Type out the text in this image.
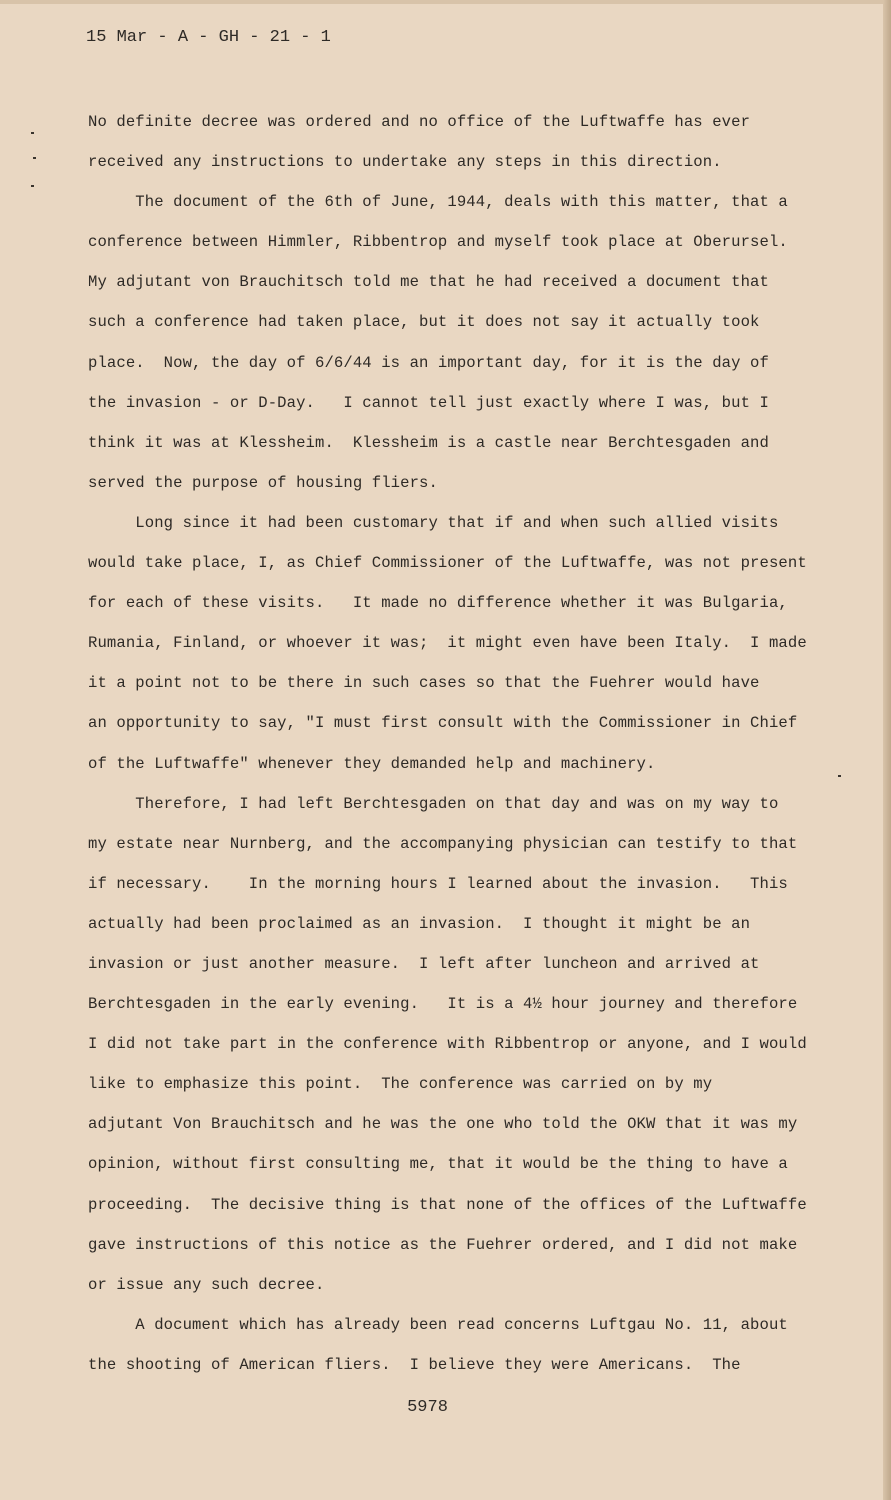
15 Mar - A - GH - 21 - 1
No definite decree was ordered and no office of the Luftwaffe has ever
received any instructions to undertake any steps in this direction.
The document of the 6th of June, 1944, deals with this matter, that a
conference between Himmler, Ribbentrop and myself took place at Oberursel.
My adjutant von Brauchitsch told me that he had received a document that
such a conference had taken place, but it does not say it actually took
place.  Now, the day of 6/6/44 is an important day, for it is the day of
the invasion - or D-Day.   I cannot tell just exactly where I was, but I
think it was at Klessheim.  Klessheim is a castle near Berchtesgaden and
served the purpose of housing fliers.
Long since it had been customary that if and when such allied visits
would take place, I, as Chief Commissioner of the Luftwaffe, was not present
for each of these visits.   It made no difference whether it was Bulgaria,
Rumania, Finland, or whoever it was;  it might even have been Italy.  I made
it a point not to be there in such cases so that the Fuehrer would have
an opportunity to say, "I must first consult with the Commissioner in Chief
of the Luftwaffe" whenever they demanded help and machinery.
Therefore, I had left Berchtesgaden on that day and was on my way to
my estate near Nurnberg, and the accompanying physician can testify to that
if necessary.    In the morning hours I learned about the invasion.   This
actually had been proclaimed as an invasion.  I thought it might be an
invasion or just another measure.  I left after luncheon and arrived at
Berchtesgaden in the early evening.   It is a 4½ hour journey and therefore
I did not take part in the conference with Ribbentrop or anyone, and I would
like to emphasize this point.  The conference was carried on by my
adjutant Von Brauchitsch and he was the one who told the OKW that it was my
opinion, without first consulting me, that it would be the thing to have a
proceeding.  The decisive thing is that none of the offices of the Luftwaffe
gave instructions of this notice as the Fuehrer ordered, and I did not make
or issue any such decree.
A document which has already been read concerns Luftgau No. 11, about
the shooting of American fliers.  I believe they were Americans.  The
5978
